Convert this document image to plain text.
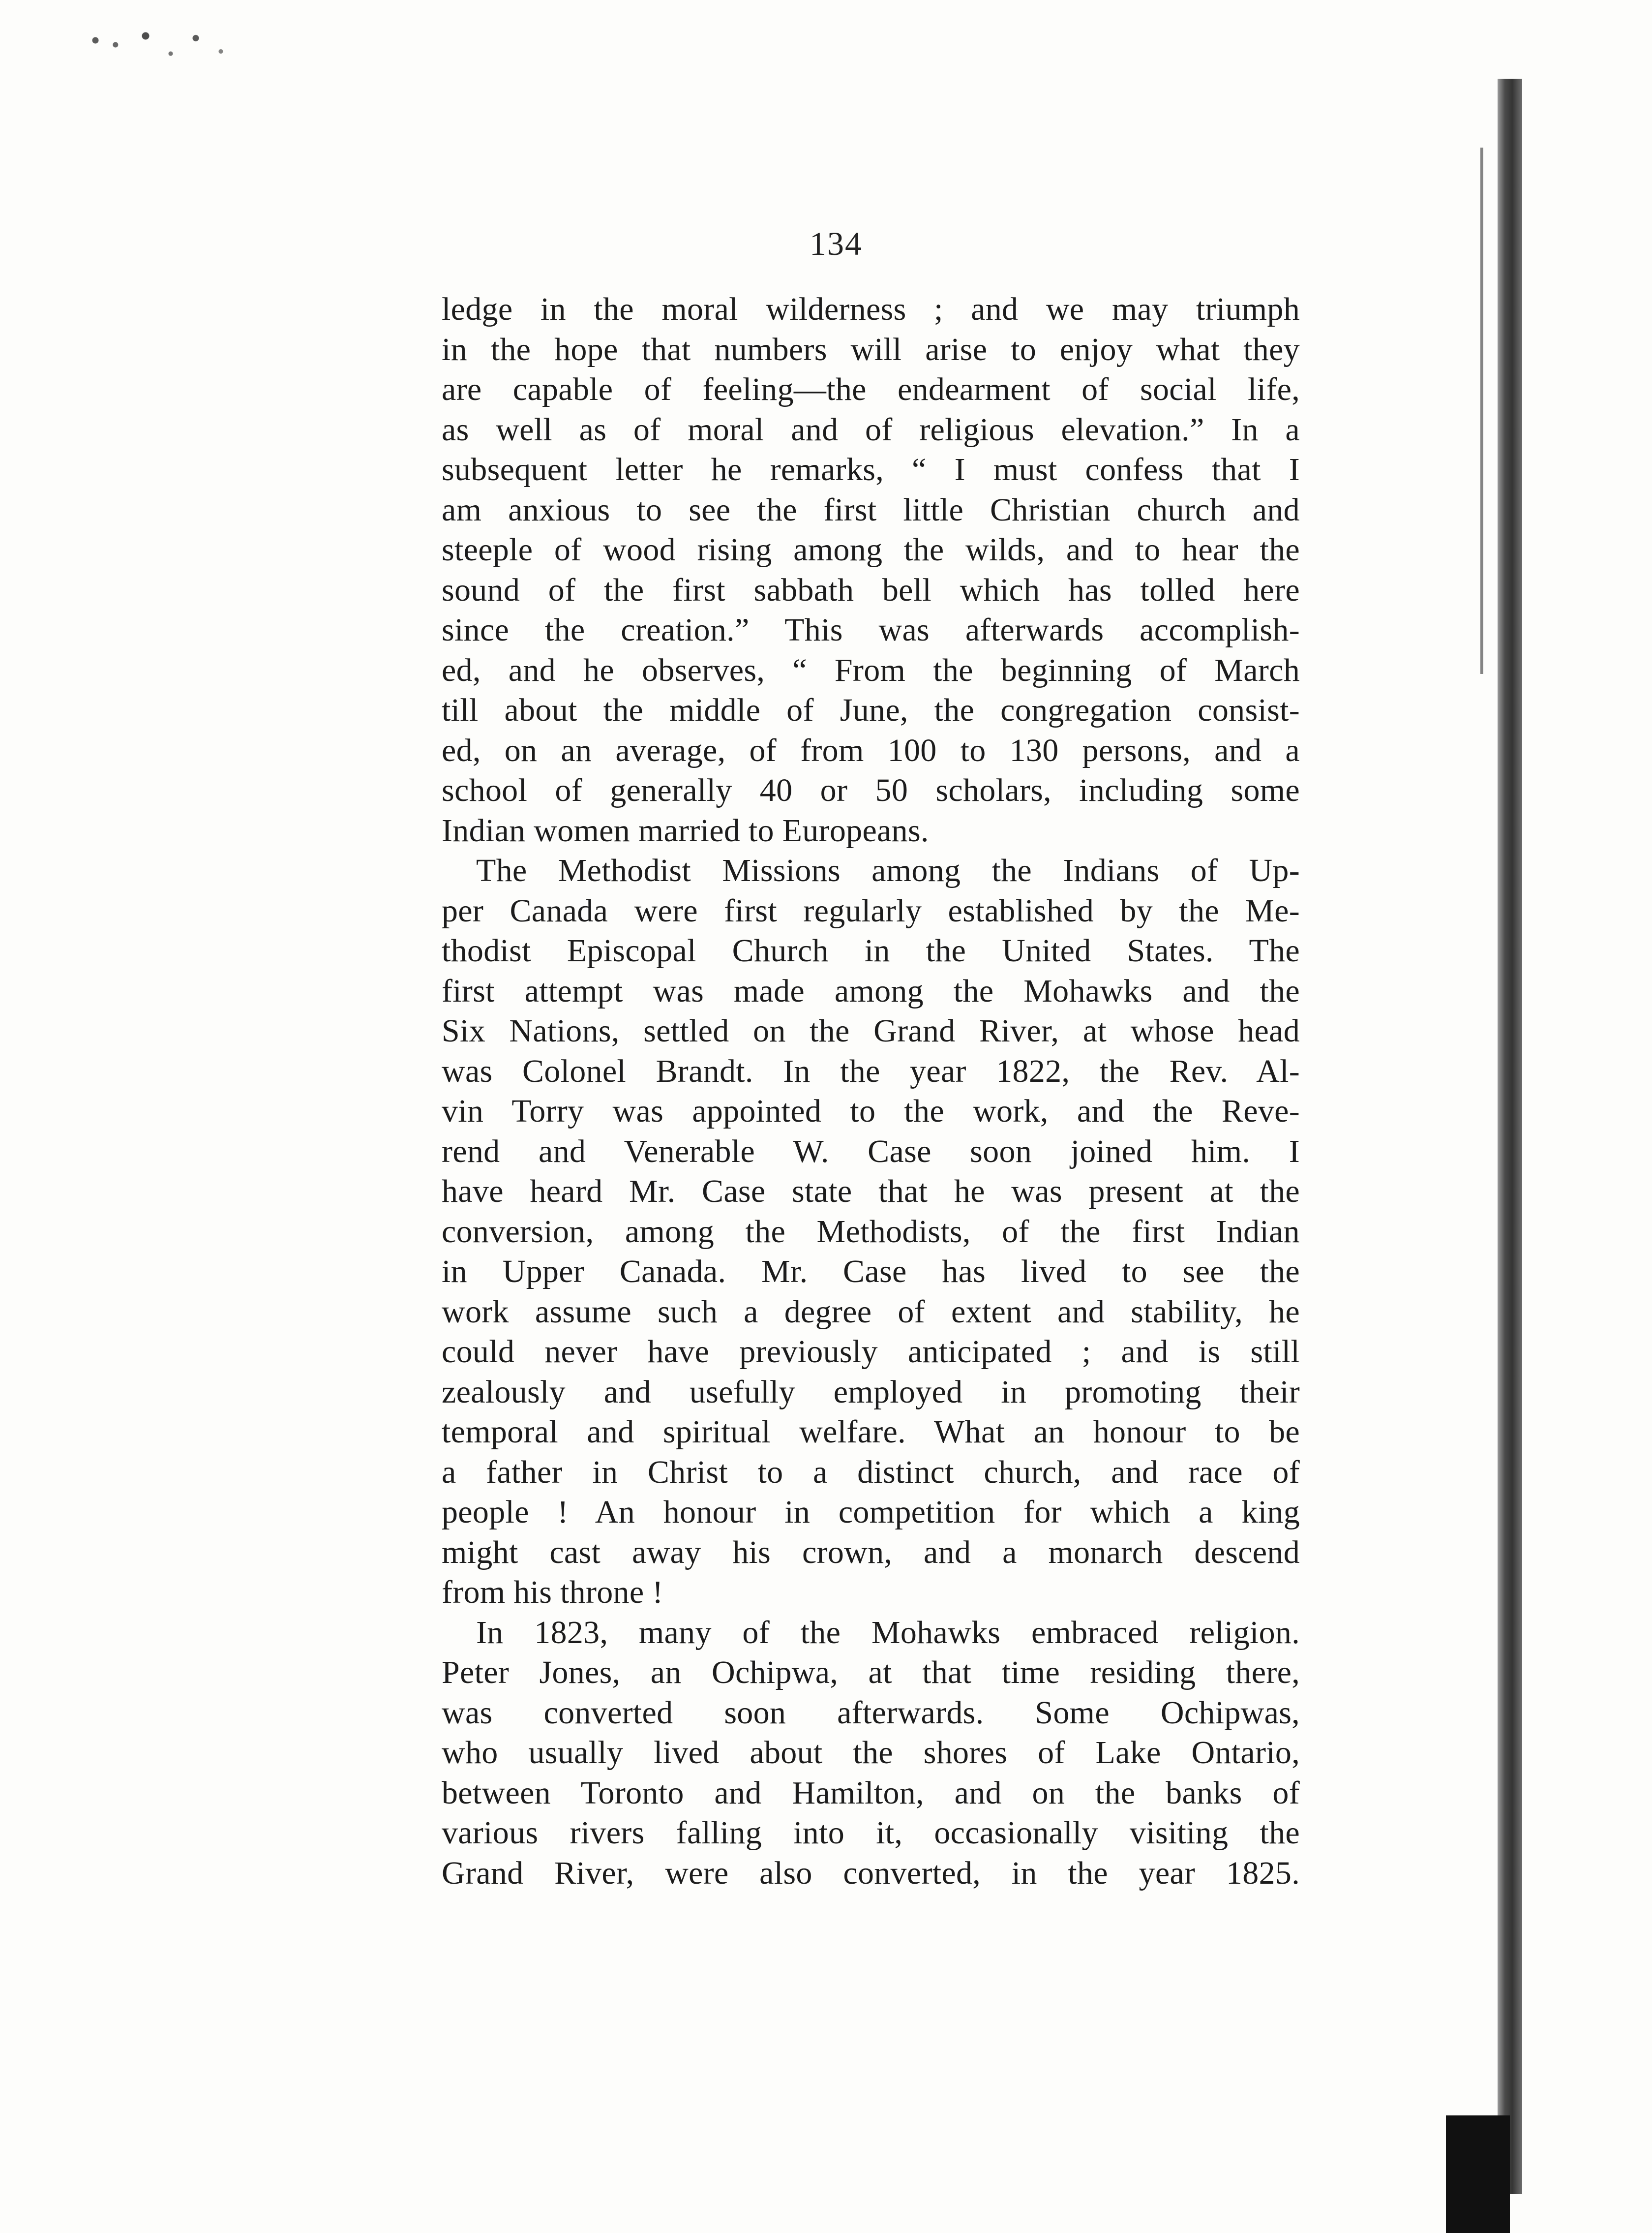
134
ledge in the moral wilderness ; and we may triumph
in the hope that numbers will arise to enjoy what they
are capable of feeling—the endearment of social life,
as well as of moral and of religious elevation.” In a
subsequent letter he remarks, “ I must confess that I
am anxious to see the first little Christian church and
steeple of wood rising among the wilds, and to hear the
sound of the first sabbath bell which has tolled here
since the creation.” This was afterwards accomplish-
ed, and he observes, “ From the beginning of March
till about the middle of June, the congregation consist-
ed, on an average, of from 100 to 130 persons, and a
school of generally 40 or 50 scholars, including some
Indian women married to Europeans.
The Methodist Missions among the Indians of Up-
per Canada were first regularly established by the Me-
thodist Episcopal Church in the United States. The
first attempt was made among the Mohawks and the
Six Nations, settled on the Grand River, at whose head
was Colonel Brandt. In the year 1822, the Rev. Al-
vin Torry was appointed to the work, and the Reve-
rend and Venerable W. Case soon joined him. I
have heard Mr. Case state that he was present at the
conversion, among the Methodists, of the first Indian
in Upper Canada. Mr. Case has lived to see the
work assume such a degree of extent and stability, he
could never have previously anticipated ; and is still
zealously and usefully employed in promoting their
temporal and spiritual welfare. What an honour to be
a father in Christ to a distinct church, and race of
people ! An honour in competition for which a king
might cast away his crown, and a monarch descend
from his throne !
In 1823, many of the Mohawks embraced religion.
Peter Jones, an Ochipwa, at that time residing there,
was converted soon afterwards. Some Ochipwas,
who usually lived about the shores of Lake Ontario,
between Toronto and Hamilton, and on the banks of
various rivers falling into it, occasionally visiting the
Grand River, were also converted, in the year 1825.
